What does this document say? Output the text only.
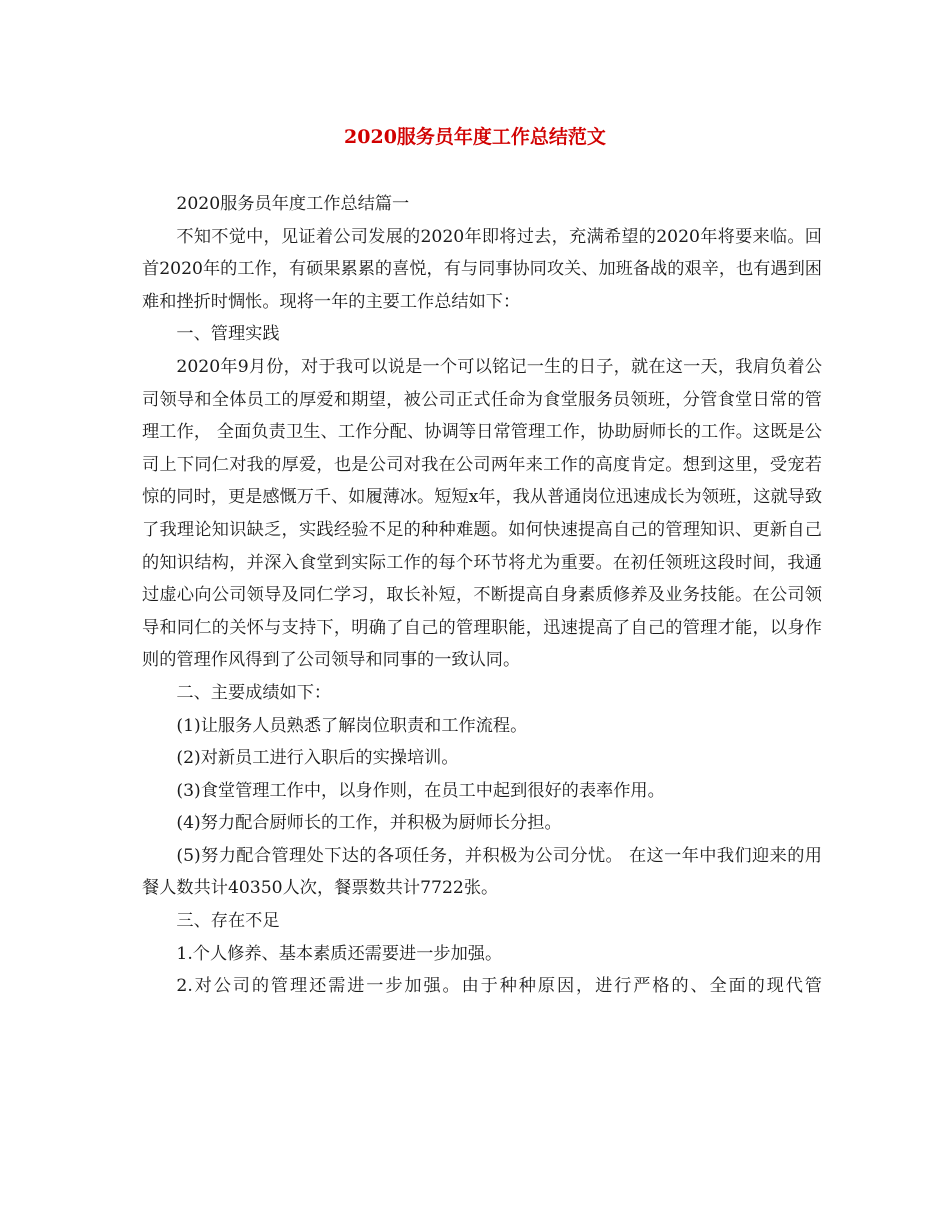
2020服务员年度工作总结范文

2020服务员年度工作总结篇一

不知不觉中，见证着公司发展的2020年即将过去，充满希望的2020年将要来临。回首2020年的工作，有硕果累累的喜悦，有与同事协同攻关、加班备战的艰辛，也有遇到困难和挫折时惆怅。现将一年的主要工作总结如下：

一、管理实践

2020年9月份，对于我可以说是一个可以铭记一生的日子，就在这一天，我肩负着公司领导和全体员工的厚爱和期望，被公司正式任命为食堂服务员领班，分管食堂日常的管理工作， 全面负责卫生、工作分配、协调等日常管理工作，协助厨师长的工作。这既是公司上下同仁对我的厚爱，也是公司对我在公司两年来工作的高度肯定。想到这里，受宠若惊的同时，更是感慨万千、如履薄冰。短短x年，我从普通岗位迅速成长为领班，这就导致了我理论知识缺乏，实践经验不足的种种难题。如何快速提高自己的管理知识、更新自己的知识结构，并深入食堂到实际工作的每个环节将尤为重要。在初任领班这段时间，我通过虚心向公司领导及同仁学习，取长补短，不断提高自身素质修养及业务技能。在公司领导和同仁的关怀与支持下，明确了自己的管理职能，迅速提高了自己的管理才能，以身作则的管理作风得到了公司领导和同事的一致认同。

二、主要成绩如下：

(1)让服务人员熟悉了解岗位职责和工作流程。

(2)对新员工进行入职后的实操培训。

(3)食堂管理工作中，以身作则，在员工中起到很好的表率作用。

(4)努力配合厨师长的工作，并积极为厨师长分担。

(5)努力配合管理处下达的各项任务，并积极为公司分忧。 在这一年中我们迎来的用餐人数共计40350人次，餐票数共计7722张。

三、存在不足

1.个人修养、基本素质还需要进一步加强。

2.对公司的管理还需进一步加强。由于种种原因，进行严格的、全面的现代管
